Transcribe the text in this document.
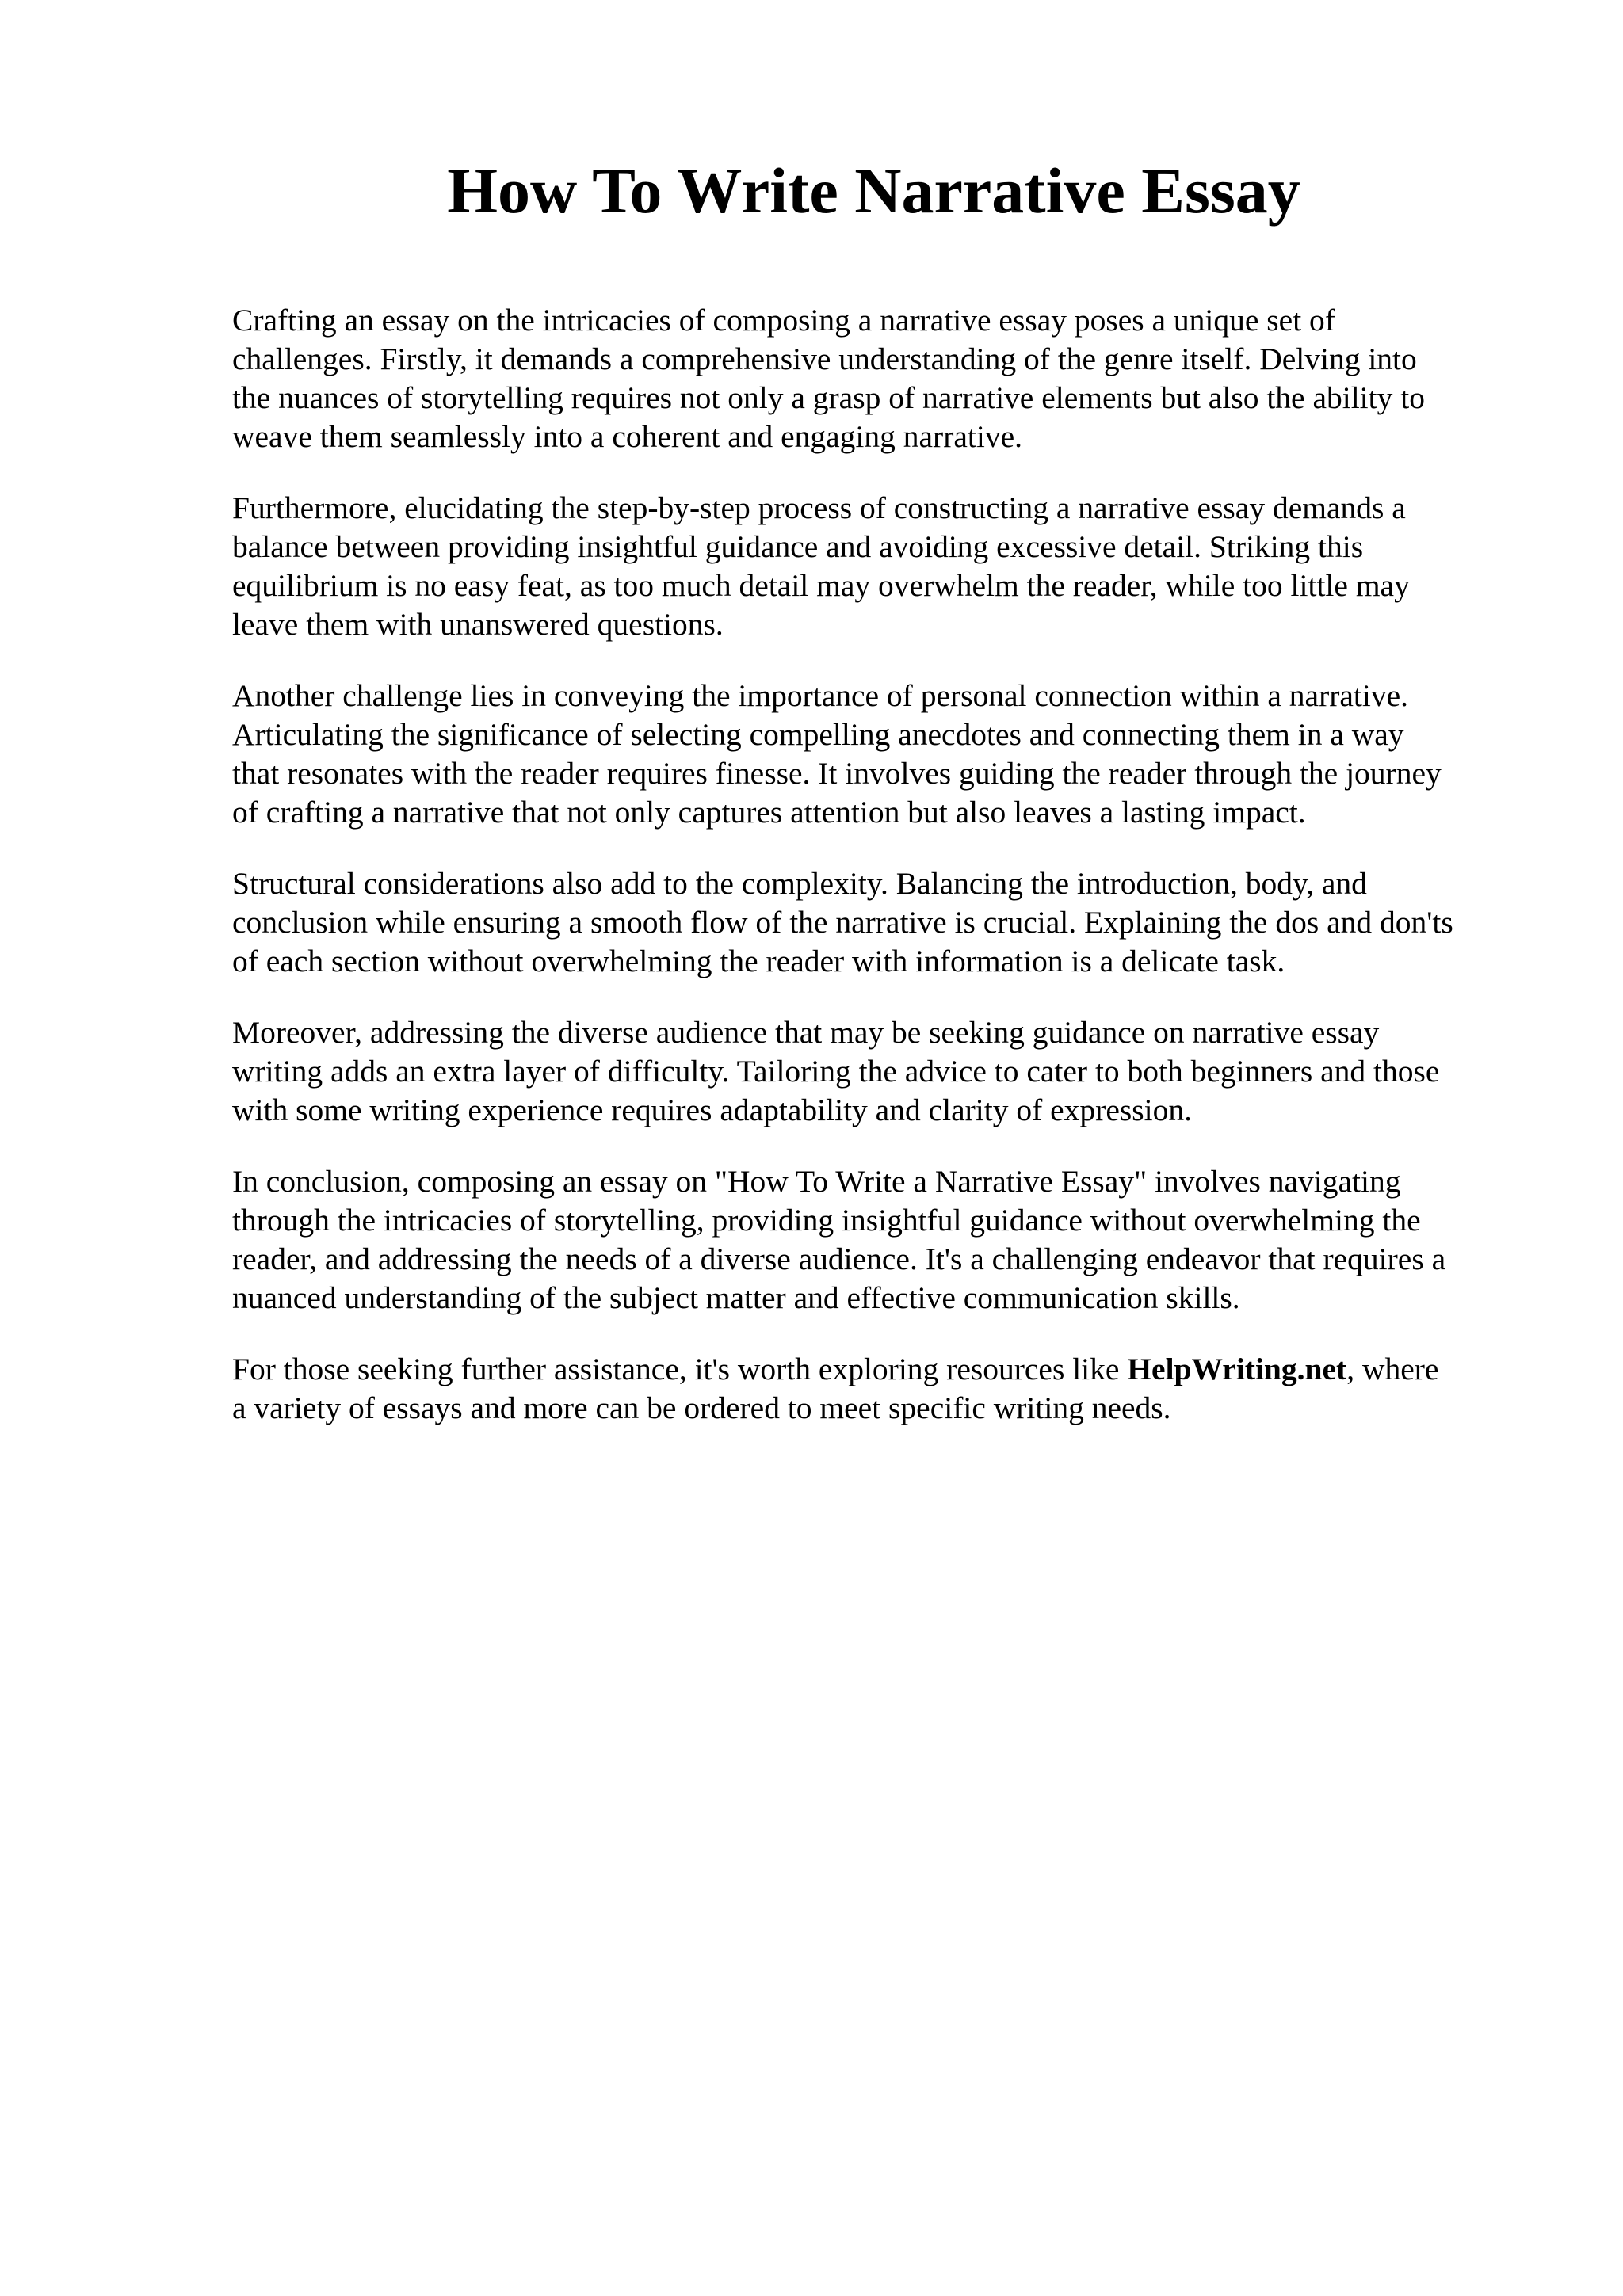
How To Write Narrative Essay

Crafting an essay on the intricacies of composing a narrative essay poses a unique set of
challenges. Firstly, it demands a comprehensive understanding of the genre itself. Delving into
the nuances of storytelling requires not only a grasp of narrative elements but also the ability to
weave them seamlessly into a coherent and engaging narrative.

Furthermore, elucidating the step-by-step process of constructing a narrative essay demands a
balance between providing insightful guidance and avoiding excessive detail. Striking this
equilibrium is no easy feat, as too much detail may overwhelm the reader, while too little may
leave them with unanswered questions.

Another challenge lies in conveying the importance of personal connection within a narrative.
Articulating the significance of selecting compelling anecdotes and connecting them in a way
that resonates with the reader requires finesse. It involves guiding the reader through the journey
of crafting a narrative that not only captures attention but also leaves a lasting impact.

Structural considerations also add to the complexity. Balancing the introduction, body, and
conclusion while ensuring a smooth flow of the narrative is crucial. Explaining the dos and don'ts
of each section without overwhelming the reader with information is a delicate task.

Moreover, addressing the diverse audience that may be seeking guidance on narrative essay
writing adds an extra layer of difficulty. Tailoring the advice to cater to both beginners and those
with some writing experience requires adaptability and clarity of expression.

In conclusion, composing an essay on "How To Write a Narrative Essay" involves navigating
through the intricacies of storytelling, providing insightful guidance without overwhelming the
reader, and addressing the needs of a diverse audience. It's a challenging endeavor that requires a
nuanced understanding of the subject matter and effective communication skills.

For those seeking further assistance, it's worth exploring resources like HelpWriting.net, where
a variety of essays and more can be ordered to meet specific writing needs.
